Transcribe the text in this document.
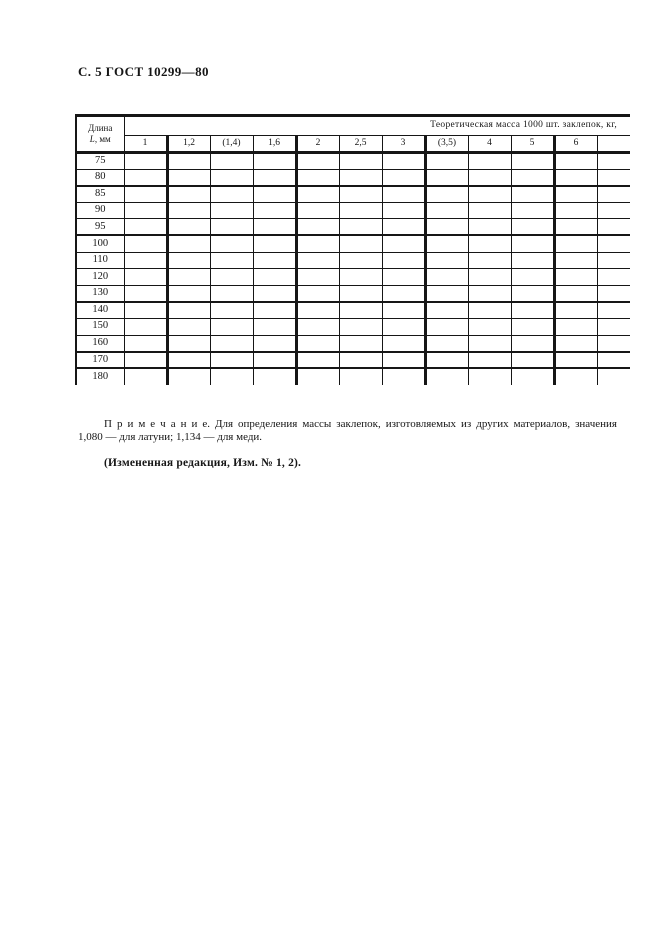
С. 5 ГОСТ 10299—80
Длина
L, мм	Теоретическая масса 1000 шт. заклепок, кг,											
	1	1,2	(1,4)	1,6	2	2,5	3	(3,5)	4	5	6	
75												
80												
85												
90												
95												
100												
110												
120												
130												
140												
150												
160												
170												
180												
П р и м е ч а н и е. Для определения массы заклепок, изготовляемых из других материалов, значения
1,080 — для латуни; 1,134 — для меди.
(Измененная редакция, Изм. № 1, 2).
